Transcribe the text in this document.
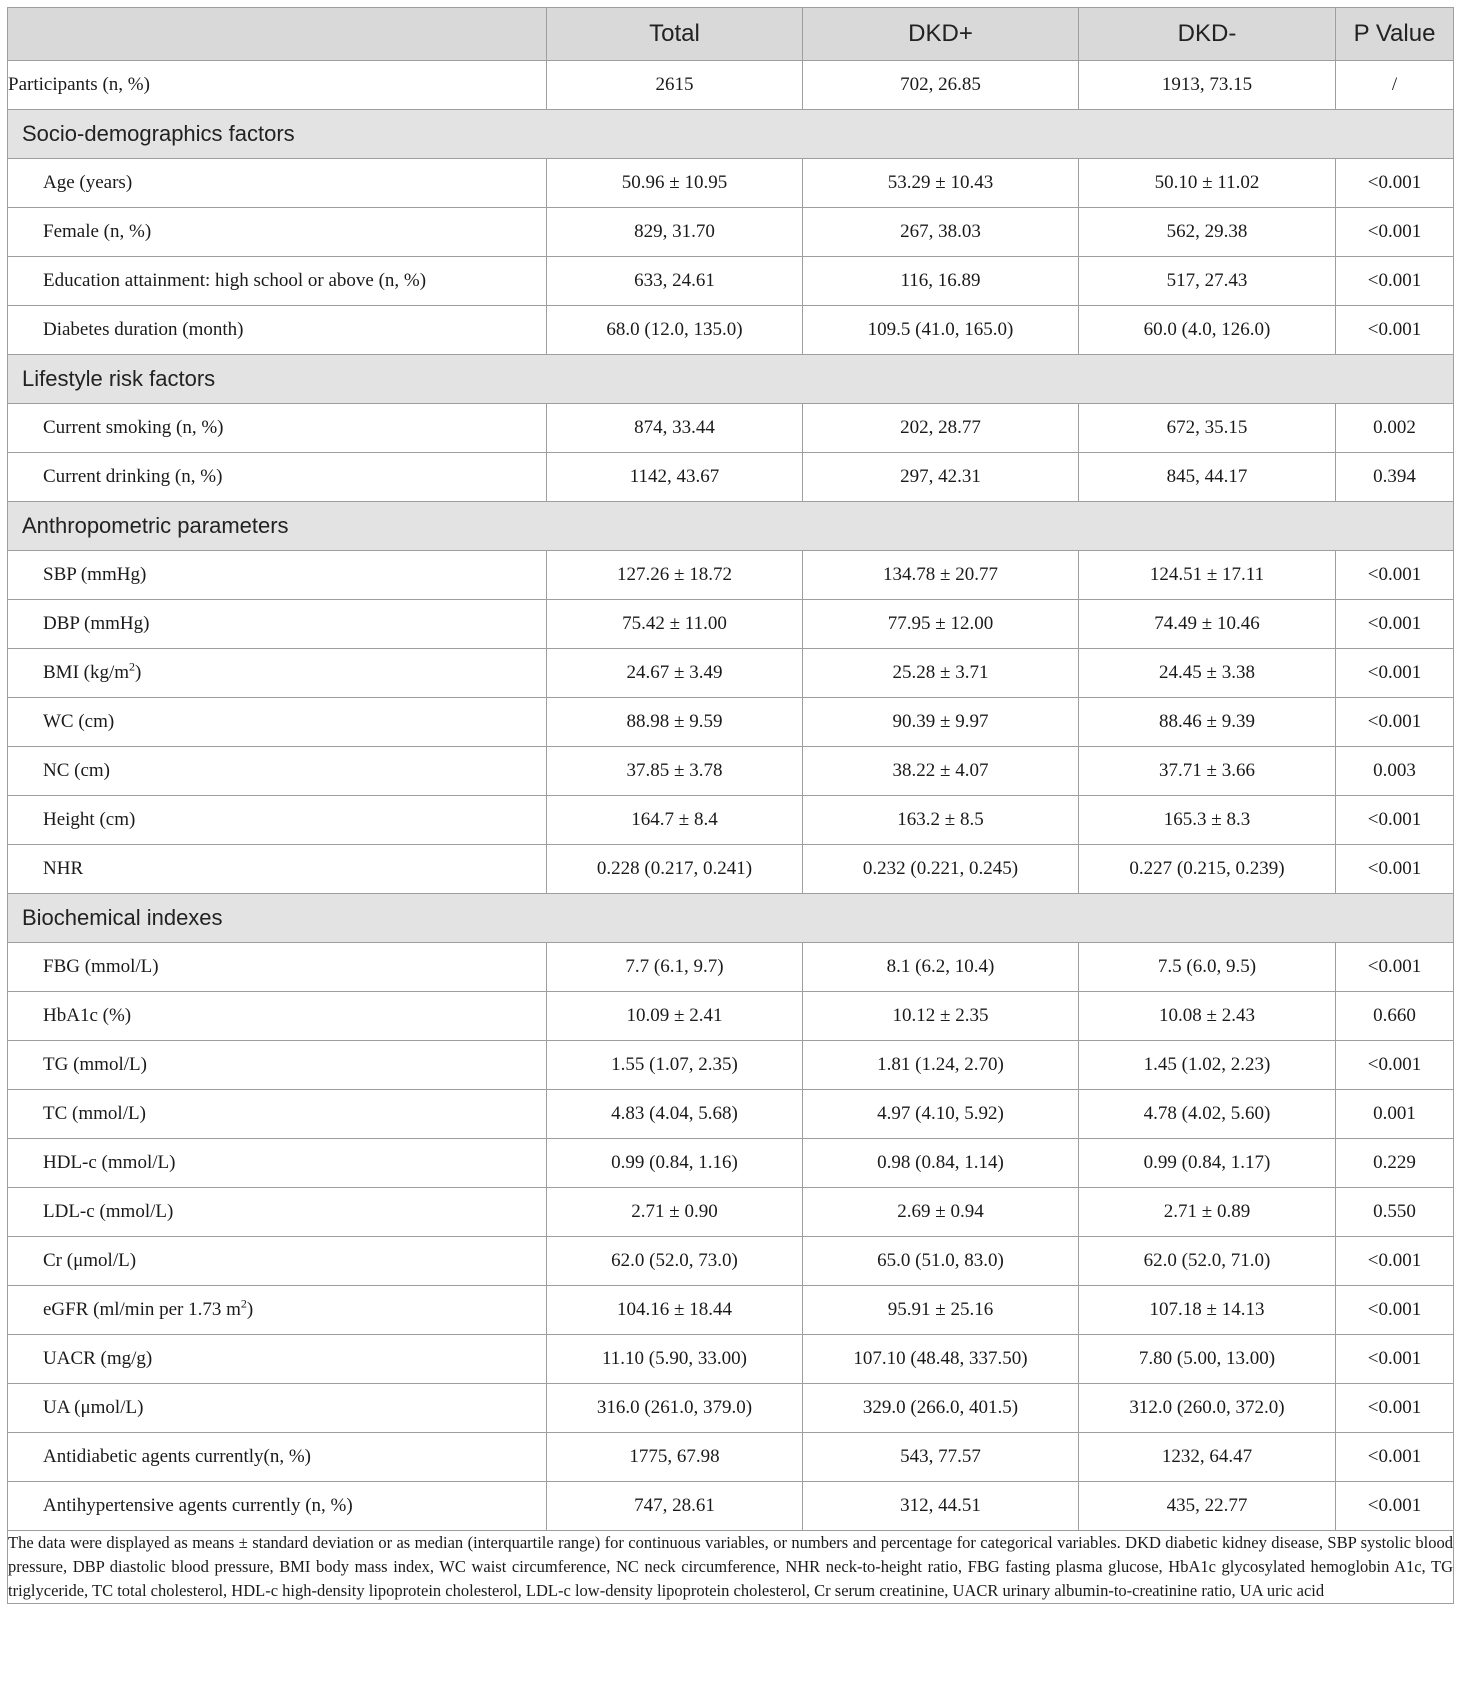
	Total	DKD+	DKD-	P Value
Participants (n, %)	2615	702, 26.85	1913, 73.15	/
Socio-demographics factors				
Age (years)	50.96 ± 10.95	53.29 ± 10.43	50.10 ± 11.02	<0.001
Female (n, %)	829, 31.70	267, 38.03	562, 29.38	<0.001
Education attainment: high school or above (n, %)	633, 24.61	116, 16.89	517, 27.43	<0.001
Diabetes duration (month)	68.0 (12.0, 135.0)	109.5 (41.0, 165.0)	60.0 (4.0, 126.0)	<0.001
Lifestyle risk factors				
Current smoking (n, %)	874, 33.44	202, 28.77	672, 35.15	0.002
Current drinking (n, %)	1142, 43.67	297, 42.31	845, 44.17	0.394
Anthropometric parameters				
SBP (mmHg)	127.26 ± 18.72	134.78 ± 20.77	124.51 ± 17.11	<0.001
DBP (mmHg)	75.42 ± 11.00	77.95 ± 12.00	74.49 ± 10.46	<0.001
BMI $(kg/m^2)$	24.67 ± 3.49	25.28 ± 3.71	24.45 ± 3.38	<0.001
WC (cm)	88.98 ± 9.59	90.39 ± 9.97	88.46 ± 9.39	<0.001
NC (cm)	37.85 ± 3.78	38.22 ± 4.07	37.71 ± 3.66	0.003
Height (cm)	164.7 ± 8.4	163.2 ± 8.5	165.3 ± 8.3	<0.001
NHR	0.228 (0.217, 0.241)	0.232 (0.221, 0.245)	0.227 (0.215, 0.239)	<0.001
Biochemical indexes				
FBG (mmol/L)	7.7 (6.1, 9.7)	8.1 (6.2, 10.4)	7.5 (6.0, 9.5)	<0.001
HbA1c (%)	10.09 ± 2.41	10.12 ± 2.35	10.08 ± 2.43	0.660
TG (mmol/L)	1.55 (1.07, 2.35)	1.81 (1.24, 2.70)	1.45 (1.02, 2.23)	<0.001
TC (mmol/L)	4.83 (4.04, 5.68)	4.97 (4.10, 5.92)	4.78 (4.02, 5.60)	0.001
HDL-c (mmol/L)	0.99 (0.84, 1.16)	0.98 (0.84, 1.14)	0.99 (0.84, 1.17)	0.229
LDL-c (mmol/L)	2.71 ± 0.90	2.69 ± 0.94	2.71 ± 0.89	0.550
Cr (μmol/L)	62.0 (52.0, 73.0)	65.0 (51.0, 83.0)	62.0 (52.0, 71.0)	<0.001
eGFR (ml/min per 1.73 $m^2$)	104.16 ± 18.44	95.91 ± 25.16	107.18 ± 14.13	<0.001
UACR (mg/g)	11.10 (5.90, 33.00)	107.10 (48.48, 337.50)	7.80 (5.00, 13.00)	<0.001
UA (μmol/L)	316.0 (261.0, 379.0)	329.0 (266.0, 401.5)	312.0 (260.0, 372.0)	<0.001
Antidiabetic agents currently(n, %)	1775, 67.98	543, 77.57	1232, 64.47	<0.001
Antihypertensive agents currently (n, %)	747, 28.61	312, 44.51	435, 22.77	<0.001
The data were displayed as means ± standard deviation or as median (interquartile range) for continuous variables, or numbers and percentage for categorical variables. DKD diabetic kidney disease, SBP systolic blood pressure, DBP diastolic blood pressure, BMI body mass index, WC waist circumference, NC neck circumference, NHR neck-to-height ratio, FBG fasting plasma glucose, HbA1c glycosylated hemoglobin A1c, TG triglyceride, TC total cholesterol, HDL-c high-density lipoprotein cholesterol, LDL-c low-density lipoprotein cholesterol, Cr serum creatinine, UACR urinary albumin-to-creatinine ratio, UA uric acid				
